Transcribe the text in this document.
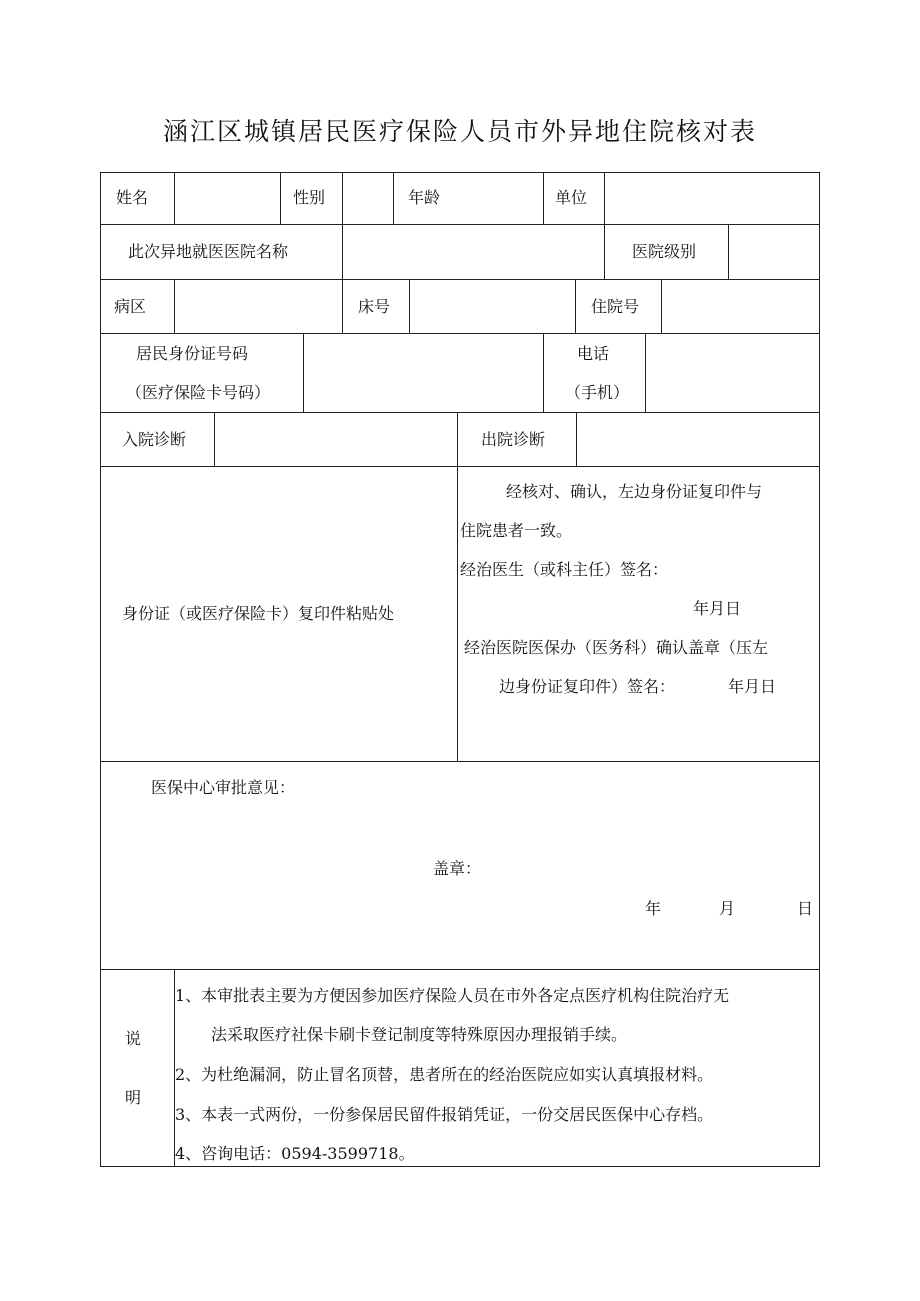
涵江区城镇居民医疗保险人员市外异地住院核对表
姓名	性别	年龄	单位
此次异地就医医院名称	医院级别
病区	床号	住院号
居民身份证号码
（医疗保险卡号码）
电话
（手机）
入院诊断	出院诊断
身份证（或医疗保险卡）复印件粘贴处
经核对、确认，左边身份证复印件与
住院患者一致。
经治医生（或科主任）签名：
年月日
经治医院医保办（医务科）确认盖章（压左
边身份证复印件）签名：	年月日
医保中心审批意见：
盖章：
年	月	日
说
明
1、本审批表主要为方便因参加医疗保险人员在市外各定点医疗机构住院治疗无
法采取医疗社保卡刷卡登记制度等特殊原因办理报销手续。
2、为杜绝漏洞，防止冒名顶替，患者所在的经治医院应如实认真填报材料。
3、本表一式两份，一份参保居民留件报销凭证，一份交居民医保中心存档。
4、咨询电话：0594-3599718。
